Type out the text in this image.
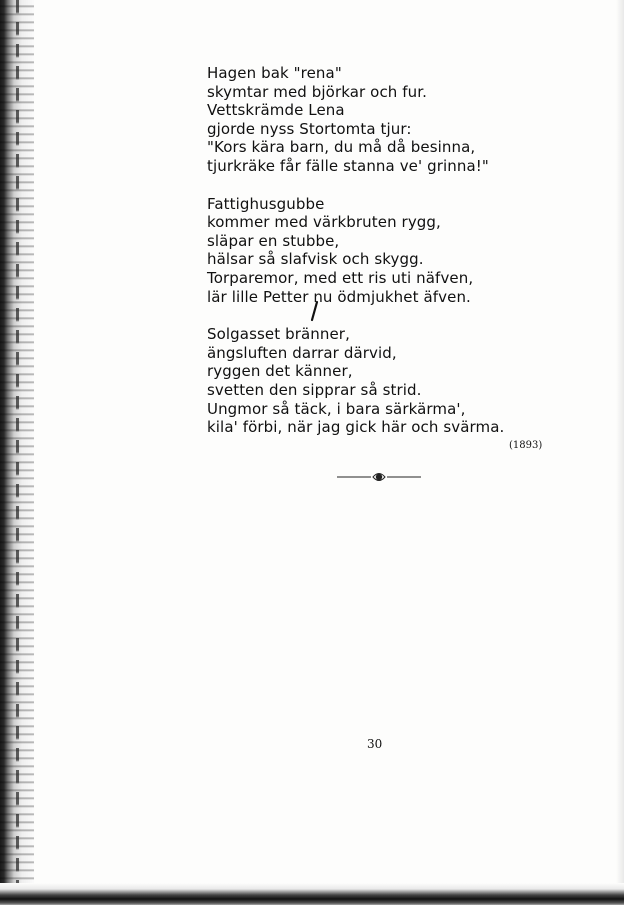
Hagen bak "rena"
skymtar med björkar och fur.
Vettskrämde Lena
gjorde nyss Stortomta tjur:
"Kors kära barn, du må då besinna,
tjurkräke får fälle stanna ve' grinna!"
Fattighusgubbe
kommer med värkbruten rygg,
släpar en stubbe,
hälsar så slafvisk och skygg.
Torparemor, med ett ris uti näfven,
lär lille Petter nu ödmjukhet äfven.
Solgasset bränner,
ängsluften darrar därvid,
ryggen det känner,
svetten den sipprar så strid.
Ungmor så täck, i bara särkärma',
kila' förbi, när jag gick här och svärma.
(1893)
30
